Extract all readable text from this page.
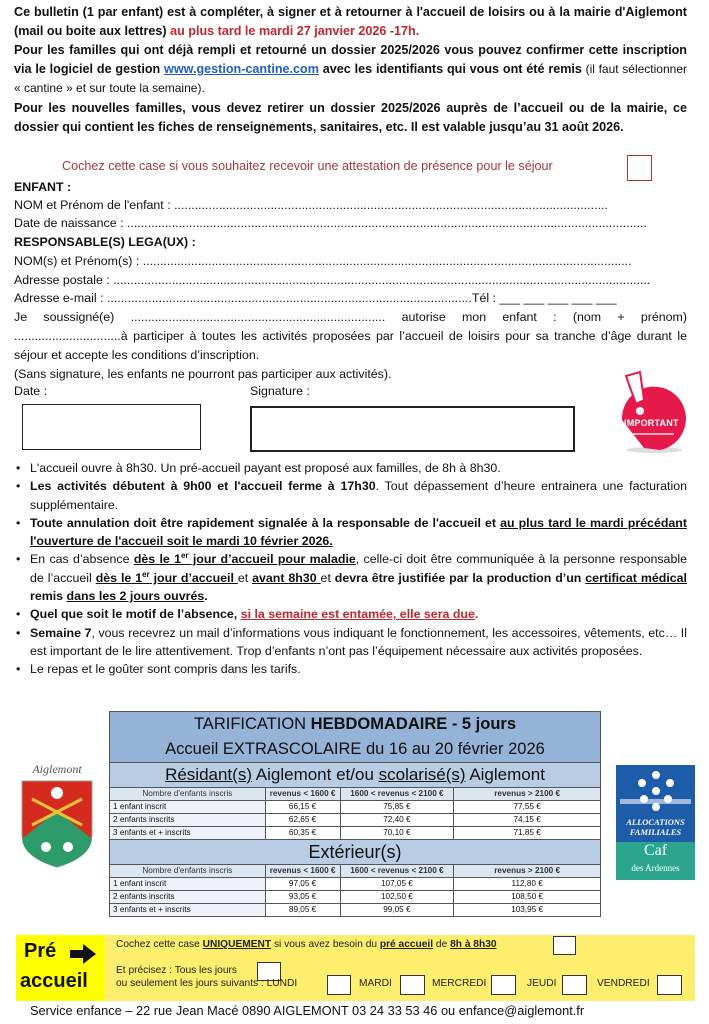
Ce bulletin (1 par enfant) est à compléter, à signer et à retourner à l'accueil de loisirs ou à la mairie d'Aiglemont (mail ou boite aux lettres) au plus tard le mardi 27 janvier 2026 -17h.
Pour les familles qui ont déjà rempli et retourné un dossier 2025/2026 vous pouvez confirmer cette inscription via le logiciel de gestion www.gestion-cantine.com avec les identifiants qui vous ont été remis (il faut sélectionner « cantine » et sur toute la semaine).
Pour les nouvelles familles, vous devez retirer un dossier 2025/2026 auprès de l’accueil ou de la mairie, ce dossier qui contient les fiches de renseignements, sanitaires, etc. Il est valable jusqu’au 31 août 2026.
Cochez cette case si vous souhaitez recevoir une attestation de présence pour le séjour
ENFANT :
NOM et Prénom de l'enfant : ..............................................................................................................................
Date de naissance : .......................................................................................................................................................
RESPONSABLE(S) LEGA(UX) :
NOM(s) et Prénom(s) : ..............................................................................................................................................
Adresse postale : ............................................................................................................................................................
Adresse e-mail : ..........................................................................................................Tél : ___ ___ ___ ___ ___
Je soussigné(e) .......................................................................... autorise mon enfant : (nom + prénom) ...............................à participer à toutes les activités proposées par l’accueil de loisirs pour sa tranche d’âge durant le séjour et accepte les conditions d’inscription.
(Sans signature, les enfants ne pourront pas participer aux activités).
Date :	Signature :
IMPORTANT
• L'accueil ouvre à 8h30. Un pré-accueil payant est proposé aux familles, de 8h à 8h30.
• Les activités débutent à 9h00 et l'accueil ferme à 17h30. Tout dépassement d’heure entrainera une facturation supplémentaire.
• Toute annulation doit être rapidement signalée à la responsable de l'accueil et au plus tard le mardi précédant l'ouverture de l'accueil soit le mardi 10 février 2026.
• En cas d’absence dès le 1er jour d’accueil pour maladie, celle-ci doit être communiquée à la personne responsable de l’accueil dès le 1er jour d’accueil et avant 8h30 et devra être justifiée par la production d’un certificat médical remis dans les 2 jours ouvrés.
• Quel que soit le motif de l’absence, si la semaine est entamée, elle sera due.
• Semaine 7, vous recevrez un mail d’informations vous indiquant le fonctionnement, les accessoires, vêtements, etc… Il est important de le lire attentivement. Trop d’enfants n’ont pas l’équipement nécessaire aux activités proposées.
• Le repas et le goûter sont compris dans les tarifs.
Aiglemont
ALLOCATIONS
FAMILIALES
Caf
des Ardennes
TARIFICATION HEBDOMADAIRE - 5 jours
Accueil EXTRASCOLAIRE du 16 au 20 février 2026			
Résidant(s) Aiglemont et/ou scolarisé(s) Aiglemont			
Nombre d'enfants inscris	revenus < 1600 €	1600 < revenus < 2100 €	revenus > 2100 €
1 enfant inscrit	66,15 €	75,85 €	77,55 €
2 enfants inscrits	62,65 €	72,40 €	74,15 €
3 enfants et + inscrits	60,35 €	70,10 €	71,85 €
Extérieur(s)			
Nombre d'enfants inscris	revenus < 1600 €	1600 < revenus < 2100 €	revenus > 2100 €
1 enfant inscrit	97,05 €	107,05 €	112,80 €
2 enfants inscrits	93,05 €	102,50 €	108,50 €
3 enfants et + inscrits	89,05 €	99,05 €	103,95 €
Pré
accueil
Cochez cette case UNIQUEMENT si vous avez besoin du pré accueil de 8h à 8h30
Et précisez : Tous les jours
ou seulement les jours suivants : LUNDI	MARDI	MERCREDI	JEUDI	VENDREDI
Service enfance – 22 rue Jean Macé 0890 AIGLEMONT 03 24 33 53 46 ou enfance@aiglemont.fr
